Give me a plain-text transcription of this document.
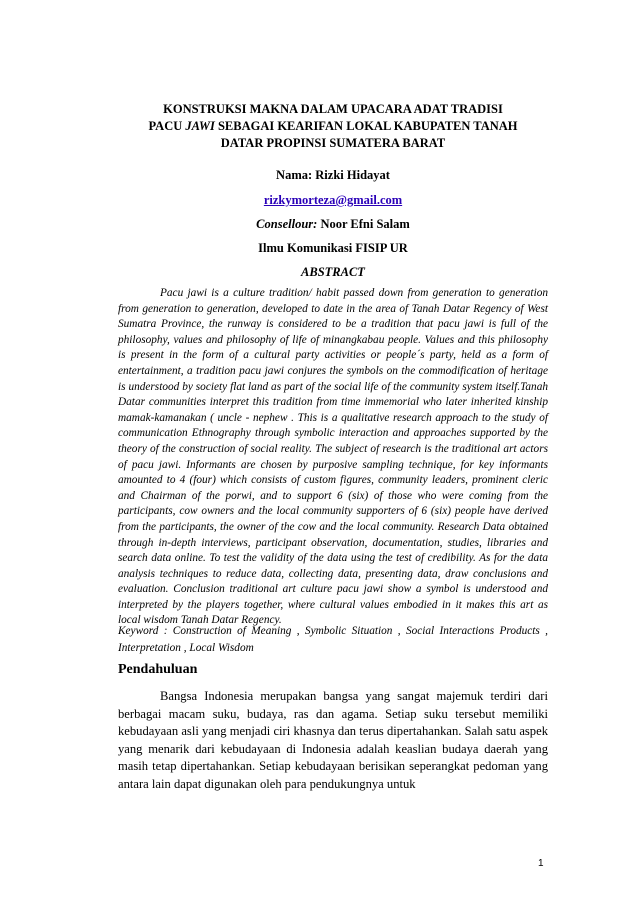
KONSTRUKSI MAKNA DALAM UPACARA ADAT TRADISI
PACU JAWI SEBAGAI KEARIFAN LOKAL KABUPATEN TANAH
DATAR PROPINSI SUMATERA BARAT
Nama: Rizki Hidayat
rizkymorteza@gmail.com
Consellour: Noor Efni Salam
Ilmu Komunikasi FISIP UR
ABSTRACT

Pacu jawi is a culture tradition/ habit passed down from generation to generation from generation to generation, developed to date in the area of Tanah Datar Regency of West Sumatra Province, the runway is considered to be a tradition that pacu jawi is full of the philosophy, values and philosophy of life of minangkabau people. Values and this philosophy is present in the form of a cultural party activities or people´s party, held as a form of entertainment, a tradition pacu jawi conjures the symbols on the commodification of heritage is understood by society flat land as part of the social life of the community system itself.Tanah Datar communities interpret this tradition from time immemorial who later inherited kinship mamak-kamanakan ( uncle - nephew . This is a qualitative research approach to the study of communication Ethnography through symbolic interaction and approaches supported by the theory of the construction of social reality. The subject of research is the traditional art actors of pacu jawi. Informants are chosen by purposive sampling technique, for key informants amounted to 4 (four) which consists of custom figures, community leaders, prominent cleric and Chairman of the porwi, and to support 6 (six) of those who were coming from the participants, cow owners and the local community supporters of 6 (six) people have derived from the participants, the owner of the cow and the local community. Research Data obtained through in-depth interviews, participant observation, documentation, studies, libraries and search data online. To test the validity of the data using the test of credibility. As for the data analysis techniques to reduce data, collecting data, presenting data, draw conclusions and evaluation. Conclusion traditional art culture pacu jawi show a symbol is understood and interpreted by the players together, where cultural values embodied in it makes this art as local wisdom Tanah Datar Regency.

Keyword : Construction of Meaning , Symbolic Situation , Social Interactions Products , Interpretation , Local Wisdom
Pendahuluan

Bangsa Indonesia merupakan bangsa yang sangat majemuk terdiri dari berbagai macam suku, budaya, ras dan agama. Setiap suku tersebut memiliki kebudayaan asli yang menjadi ciri khasnya dan terus dipertahankan. Salah satu aspek yang menarik dari kebudayaan di Indonesia adalah keaslian budaya daerah yang masih tetap dipertahankan. Setiap kebudayaan berisikan seperangkat pedoman yang antara lain dapat digunakan oleh para pendukungnya untuk

1
